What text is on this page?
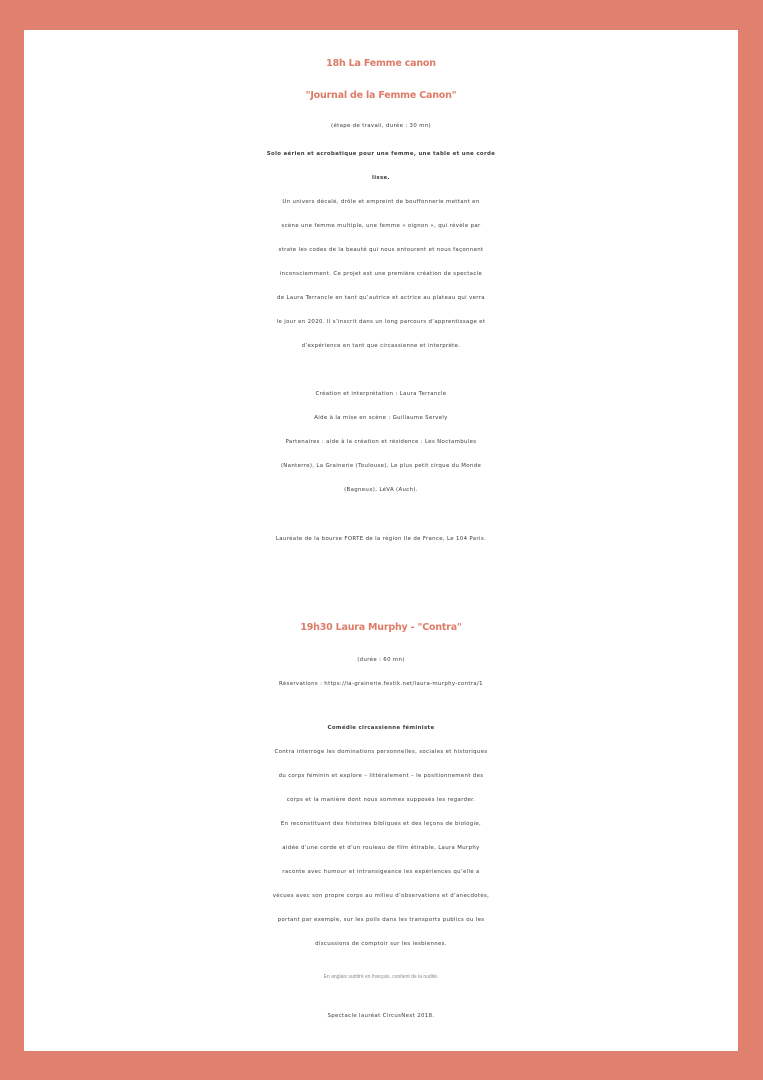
18h La Femme canon
"Journal de la Femme Canon"
(étape de travail, durée : 30 mn)
Solo aérien et acrobatique pour une femme, une table et une corde
lisse.
Un univers décalé, drôle et empreint de bouffonnerie mettant en
scène une femme multiple, une femme « oignon », qui révèle par
strate les codes de la beauté qui nous entourent et nous façonnent
inconsciemment. Ce projet est une première création de spectacle
de Laura Terrancle en tant qu’autrice et actrice au plateau qui verra
le jour en 2020. Il s’inscrit dans un long parcours d’apprentissage et
d’expérience en tant que circassienne et interprète.
Création et interprétation : Laura Terrancle
Aide à la mise en scène : Guillaume Servely
Partenaires : aide à la création et résidence : Les Noctambules
(Nanterre), La Grainerie (Toulouse), Le plus petit cirque du Monde
(Bagneux), LéVA (Auch).
Lauréate de la bourse FORTE de la région Ile de France, Le 104 Paris.
19h30 Laura Murphy - "Contra"
(durée : 60 mn)
Réservations : https://la-grainerie.festik.net/laura-murphy-contra/1
Comédie circassienne féministe
Contra interroge les dominations personnelles, sociales et historiques
du corps féminin et explore – littéralement – le positionnement des
corps et la manière dont nous sommes supposés les regarder.
En reconstituant des histoires bibliques et des leçons de biologie,
aidée d’une corde et d’un rouleau de film étirable, Laura Murphy
raconte avec humour et intransigeance les expériences qu’elle a
vécues avec son propre corps au milieu d’observations et d’anecdotes,
portant par exemple, sur les poils dans les transports publics ou les
discussions de comptoir sur les lesbiennes.
En anglais surtitré en français, contient de la nudité.
Spectacle lauréat CircusNext 2018.
